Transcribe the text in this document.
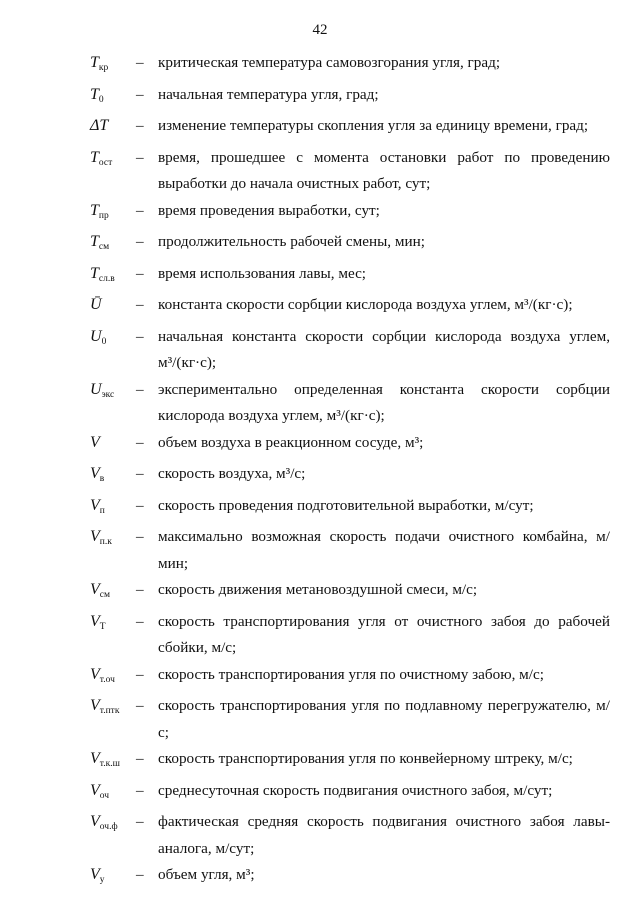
42
$T_{кр}$	– критическая температура самовозгорания угля, град;
$T_0$	– начальная температура угля, град;
ΔT	– изменение температуры скопления угля за единицу времени, град;
$T_{ост}$	– время, прошедшее с момента остановки работ по проведению выработки до начала очистных работ, сут;
$T_{пр}$	– время проведения выработки, сут;
$T_{см}$	– продолжительность рабочей смены, мин;
$T_{сл.в}$	– время использования лавы, мес;
Ū	– константа скорости сорбции кислорода воздуха углем, м³/(кг·с);
$U_0$	– начальная константа скорости сорбции кислорода воздуха углем, м³/(кг·с);
$U_{экс}$	– экспериментально определенная константа скорости сорбции кислорода воздуха углем, м³/(кг·с);
V	– объем воздуха в реакционном сосуде, м³;
$V_в$	– скорость воздуха, м³/с;
$V_п$	– скорость проведения подготовительной выработки, м/сут;
$V_{п.к}$	– максимально возможная скорость подачи очистного комбайна, м/мин;
$V_{см}$	– скорость движения метановоздушной смеси, м/с;
$V_T$	– скорость транспортирования угля от очистного забоя до рабочей сбойки, м/с;
$V_{т.оч}$	– скорость транспортирования угля по очистному забою, м/с;
$V_{т.птк}$	– скорость транспортирования угля по подлавному перегружателю, м/с;
$V_{т.к.ш}$	– скорость транспортирования угля по конвейерному штреку, м/с;
$V_{оч}$	– среднесуточная скорость подвигания очистного забоя, м/сут;
$V_{оч.ф}$	– фактическая средняя скорость подвигания очистного забоя лавы-аналога, м/сут;
$V_у$	– объем угля, м³;
